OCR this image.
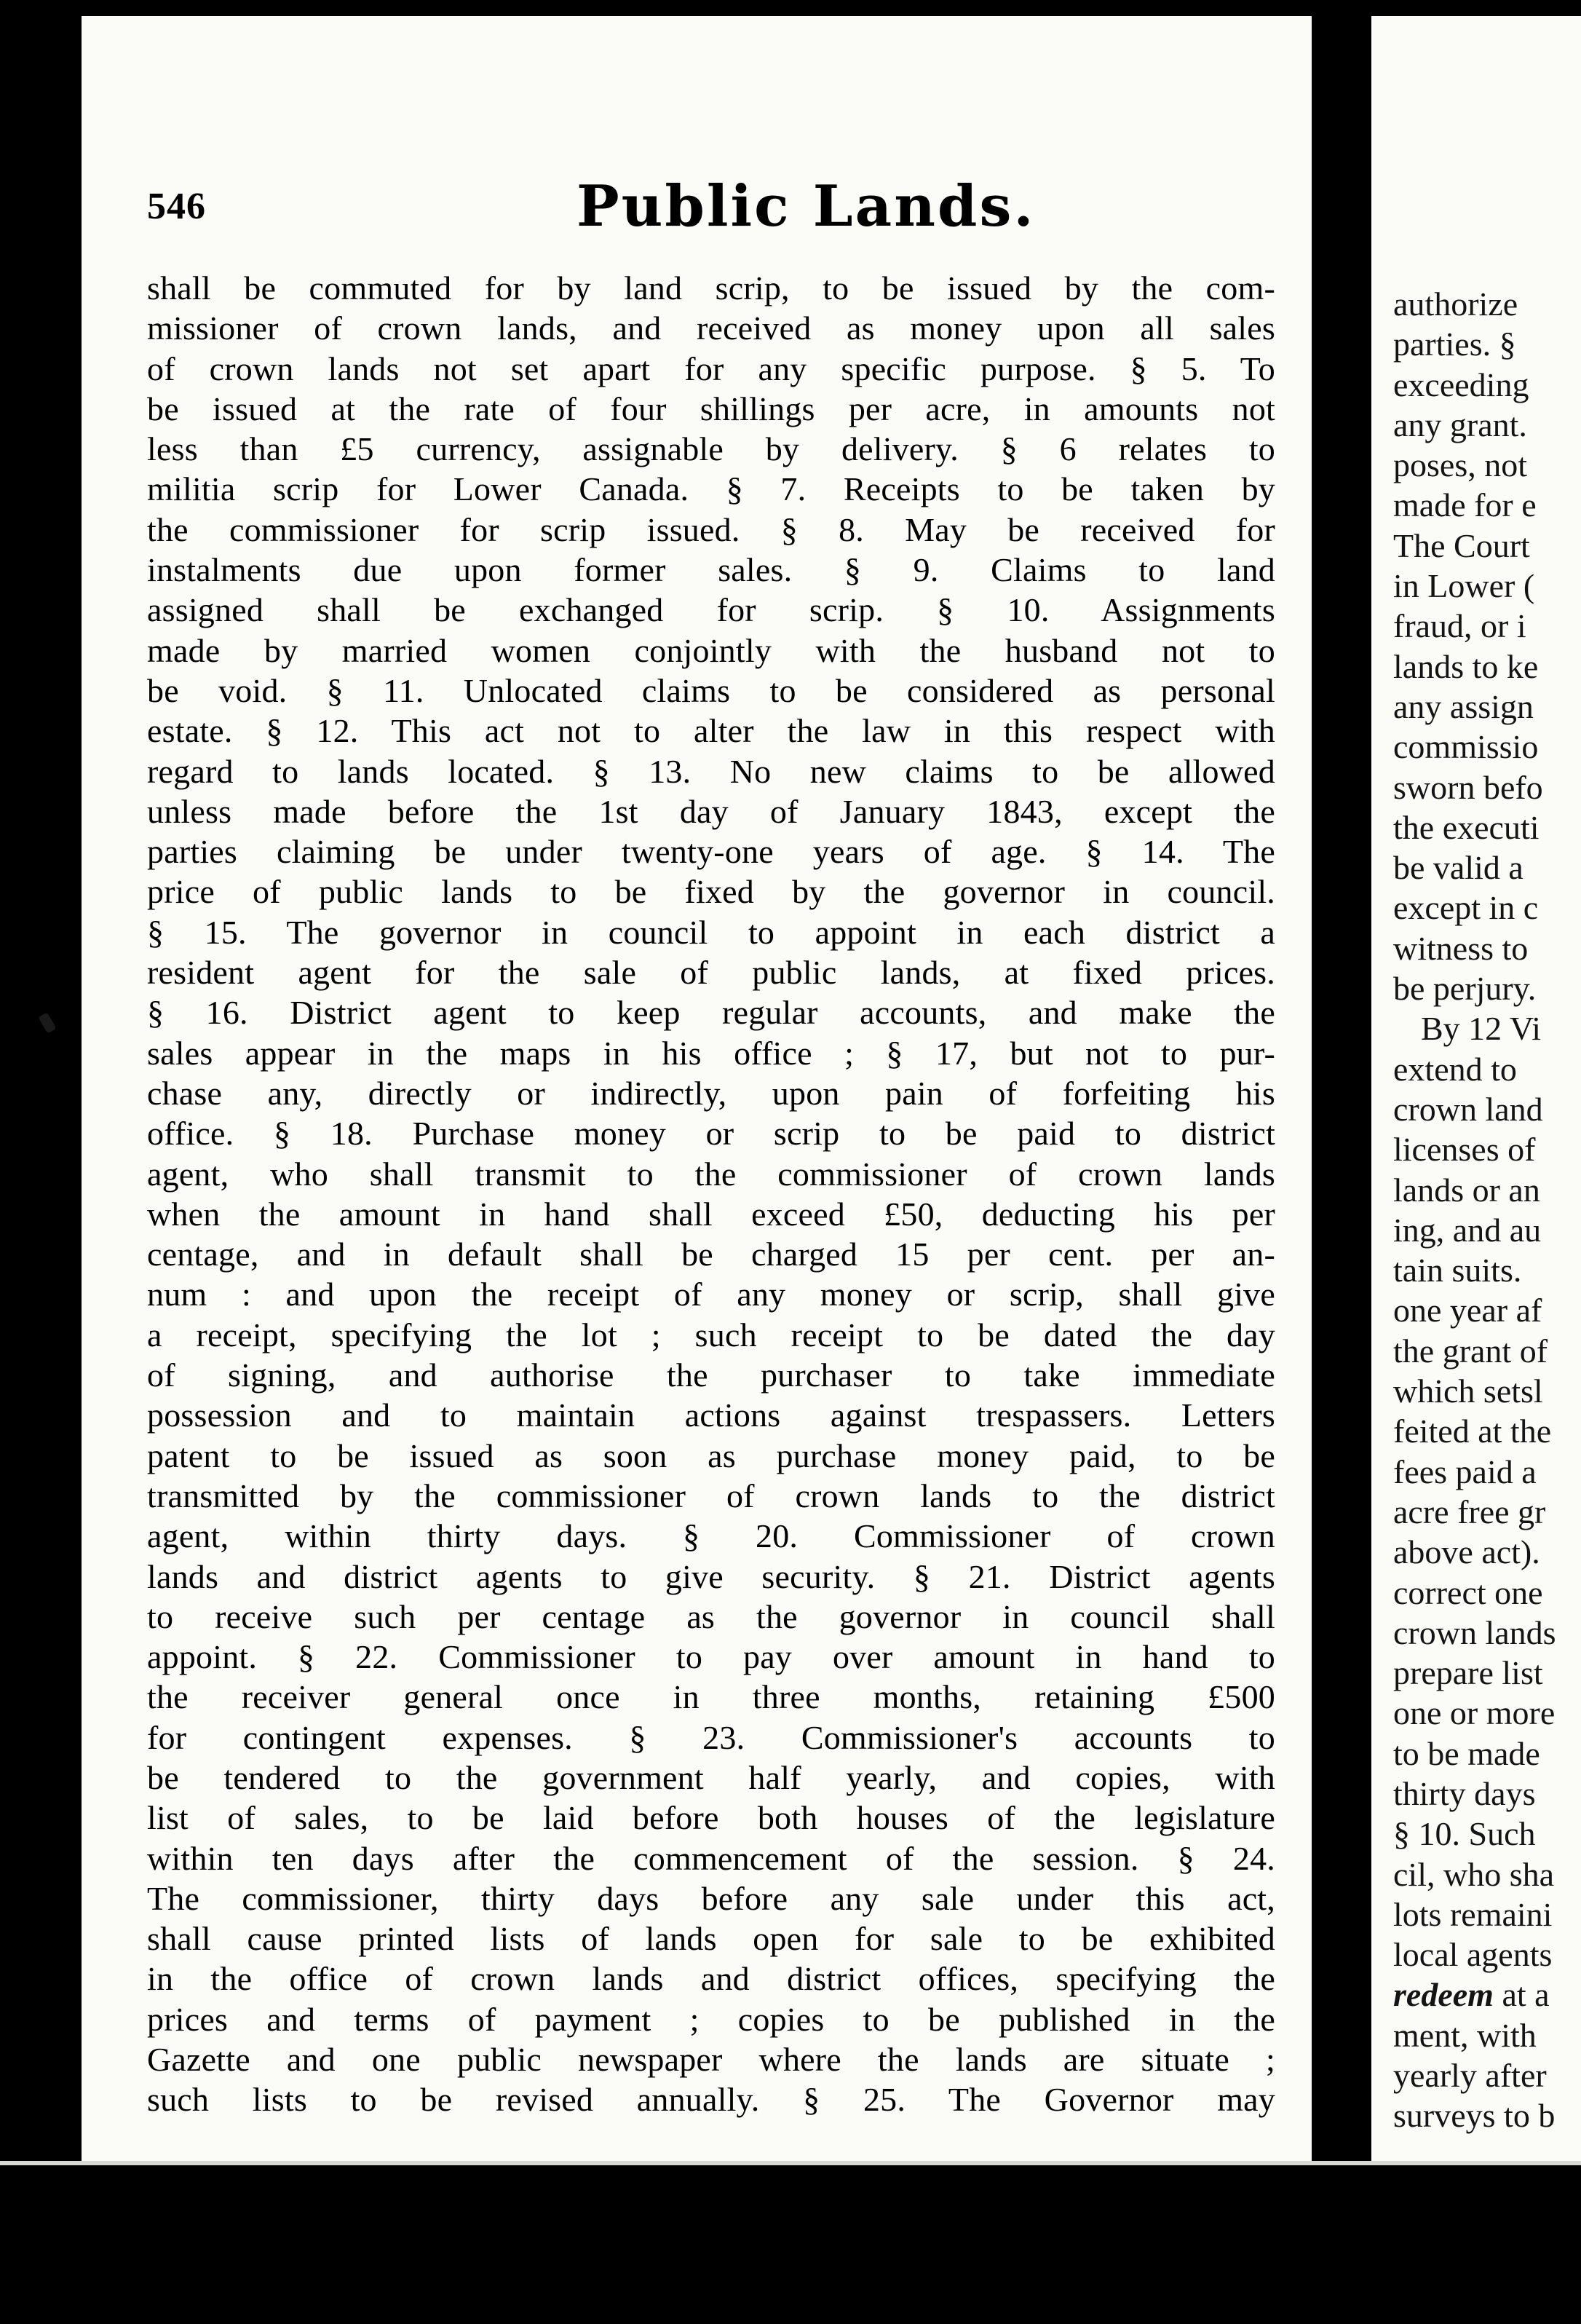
546	Public Lands.
shall be commuted for by land scrip, to be issued by the com-
missioner of crown lands, and received as money upon all sales
of crown lands not set apart for any specific purpose. § 5. To
be issued at the rate of four shillings per acre, in amounts not
less than £5 currency, assignable by delivery. § 6 relates to
militia scrip for Lower Canada. § 7. Receipts to be taken by
the commissioner for scrip issued. § 8. May be received for
instalments due upon former sales. § 9. Claims to land
assigned shall be exchanged for scrip. § 10. Assignments
made by married women conjointly with the husband not to
be void. § 11. Unlocated claims to be considered as personal
estate. § 12. This act not to alter the law in this respect with
regard to lands located. § 13. No new claims to be allowed
unless made before the 1st day of January 1843, except the
parties claiming be under twenty-one years of age. § 14. The
price of public lands to be fixed by the governor in council.
§ 15. The governor in council to appoint in each district a
resident agent for the sale of public lands, at fixed prices.
§ 16. District agent to keep regular accounts, and make the
sales appear in the maps in his office ; § 17, but not to pur-
chase any, directly or indirectly, upon pain of forfeiting his
office. § 18. Purchase money or scrip to be paid to district
agent, who shall transmit to the commissioner of crown lands
when the amount in hand shall exceed £50, deducting his per
centage, and in default shall be charged 15 per cent. per an-
num : and upon the receipt of any money or scrip, shall give
a receipt, specifying the lot ; such receipt to be dated the day
of signing, and authorise the purchaser to take immediate
possession and to maintain actions against trespassers. Letters
patent to be issued as soon as purchase money paid, to be
transmitted by the commissioner of crown lands to the district
agent, within thirty days. § 20. Commissioner of crown
lands and district agents to give security. § 21. District agents
to receive such per centage as the governor in council shall
appoint. § 22. Commissioner to pay over amount in hand to
the receiver general once in three months, retaining £500
for contingent expenses. § 23. Commissioner's accounts to
be tendered to the government half yearly, and copies, with
list of sales, to be laid before both houses of the legislature
within ten days after the commencement of the session. § 24.
The commissioner, thirty days before any sale under this act,
shall cause printed lists of lands open for sale to be exhibited
in the office of crown lands and district offices, specifying the
prices and terms of payment ; copies to be published in the
Gazette and one public newspaper where the lands are situate ;
such lists to be revised annually. § 25. The Governor may
authorize
parties. §
exceeding
any grant.
poses, not
made for e
The Court
in Lower (
fraud, or i
lands to ke
any assign
commissio
sworn befo
the executi
be valid a
except in c
witness to
be perjury.
By 12 Vi
extend to
crown land
licenses of
lands or an
ing, and au
tain suits.
one year af
the grant of
which setsl
feited at the
fees paid a
acre free gr
above act).
correct one
crown lands
prepare list
one or more
to be made
thirty days
§ 10. Such
cil, who sha
lots remaini
local agents
redeem at a
ment, with
yearly after
surveys to b
